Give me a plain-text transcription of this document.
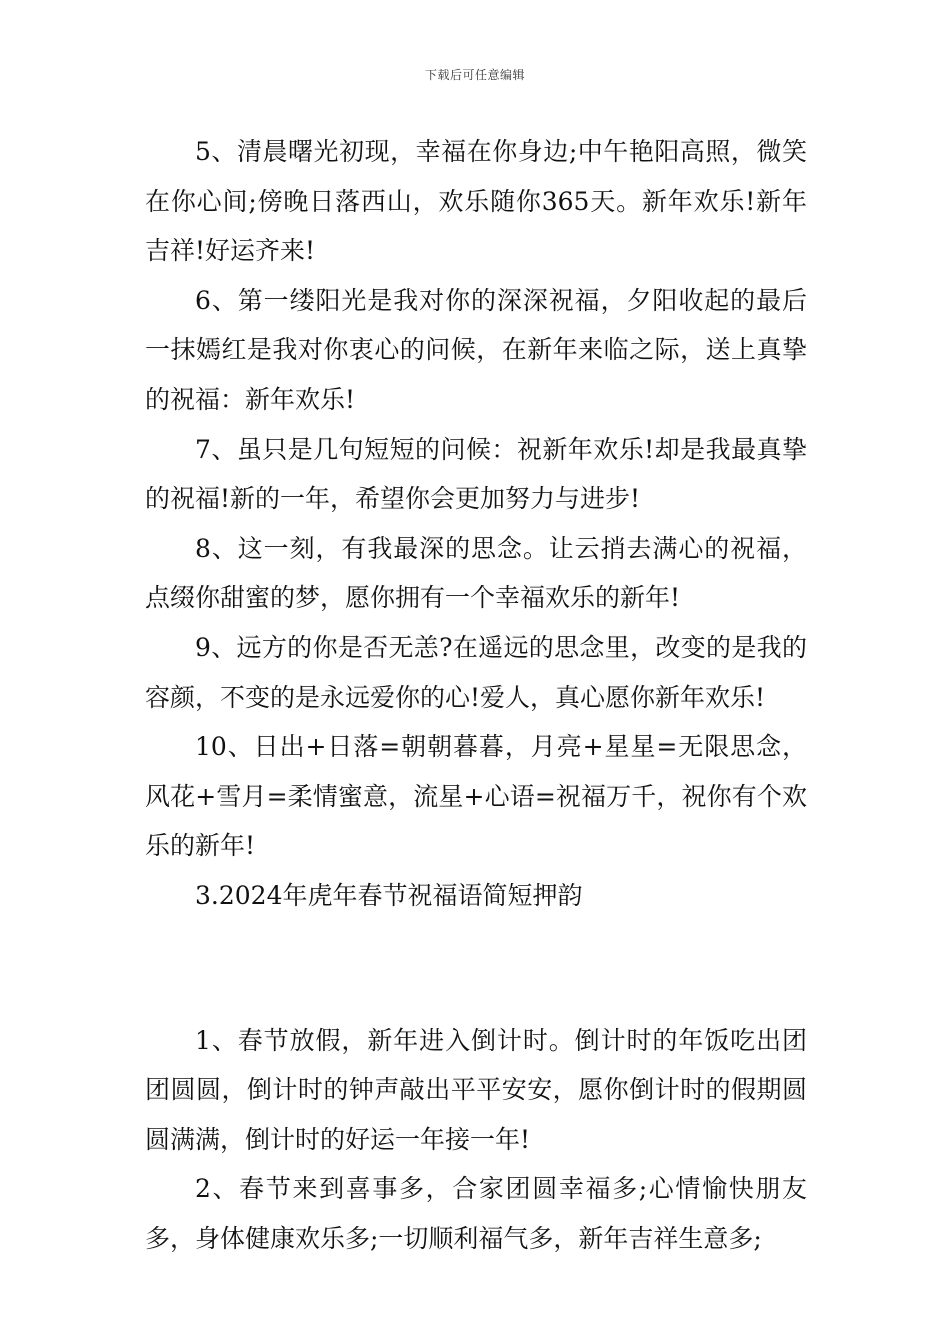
下载后可任意编辑

5、清晨曙光初现，幸福在你身边;中午艳阳高照，微笑在你心间;傍晚日落西山，欢乐随你365天。新年欢乐!新年吉祥!好运齐来!

6、第一缕阳光是我对你的深深祝福，夕阳收起的最后一抹嫣红是我对你衷心的问候，在新年来临之际，送上真挚的祝福：新年欢乐!

7、虽只是几句短短的问候：祝新年欢乐!却是我最真挚的祝福!新的一年，希望你会更加努力与进步!

8、这一刻，有我最深的思念。让云捎去满心的祝福，点缀你甜蜜的梦，愿你拥有一个幸福欢乐的新年!

9、远方的你是否无恙?在遥远的思念里，改变的是我的容颜，不变的是永远爱你的心!爱人，真心愿你新年欢乐!

10、日出+日落=朝朝暮暮，月亮+星星=无限思念，风花+雪月=柔情蜜意，流星+心语=祝福万千，祝你有个欢乐的新年!

3.2024年虎年春节祝福语简短押韵

1、春节放假，新年进入倒计时。倒计时的年饭吃出团团圆圆，倒计时的钟声敲出平平安安，愿你倒计时的假期圆圆满满，倒计时的好运一年接一年!

2、春节来到喜事多，合家团圆幸福多;心情愉快朋友多，身体健康欢乐多;一切顺利福气多，新年吉祥生意多;
